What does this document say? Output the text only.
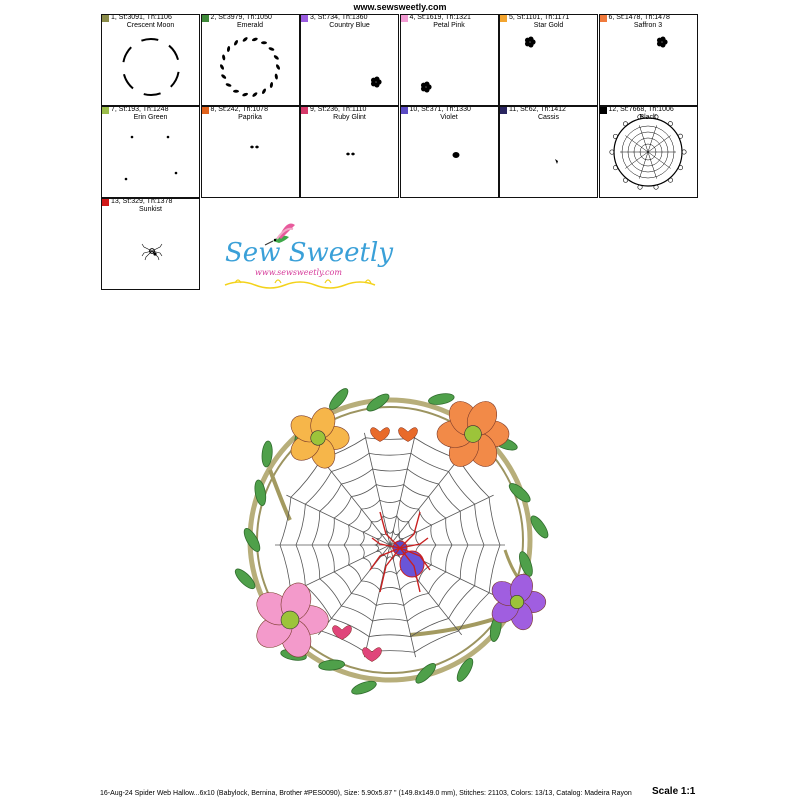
www.sewsweetly.com
1, St:3091, Th:1106
Crescent Moon
2, St:3979, Th:1050
Emerald
3, St:734, Th:1360
Country Blue
4, St:1619, Th:1321
Petal Pink
5, St:1101, Th:1171
Star Gold
6, St:1478, Th:1478
Saffron 3
7, St:193, Th:1248
Erin Green
8, St:242, Th:1078
Paprika
9, St:236, Th:1110
Ruby Glint
10, St:371, Th:1330
Violet
11, St:62, Th:1412
Cassis
12, St:7668, Th:1006
Black
13, St:329, Th:1378
Sunkist
Sew Sweetly
www.sewsweetly.com
16-Aug-24 Spider Web Hallow...6x10 (Babylock, Bernina, Brother #PES0090), Size: 5.90x5.87 " (149.8x149.0 mm), Stitches: 21103, Colors: 13/13, Catalog: Madeira Rayon Scale 1:1
